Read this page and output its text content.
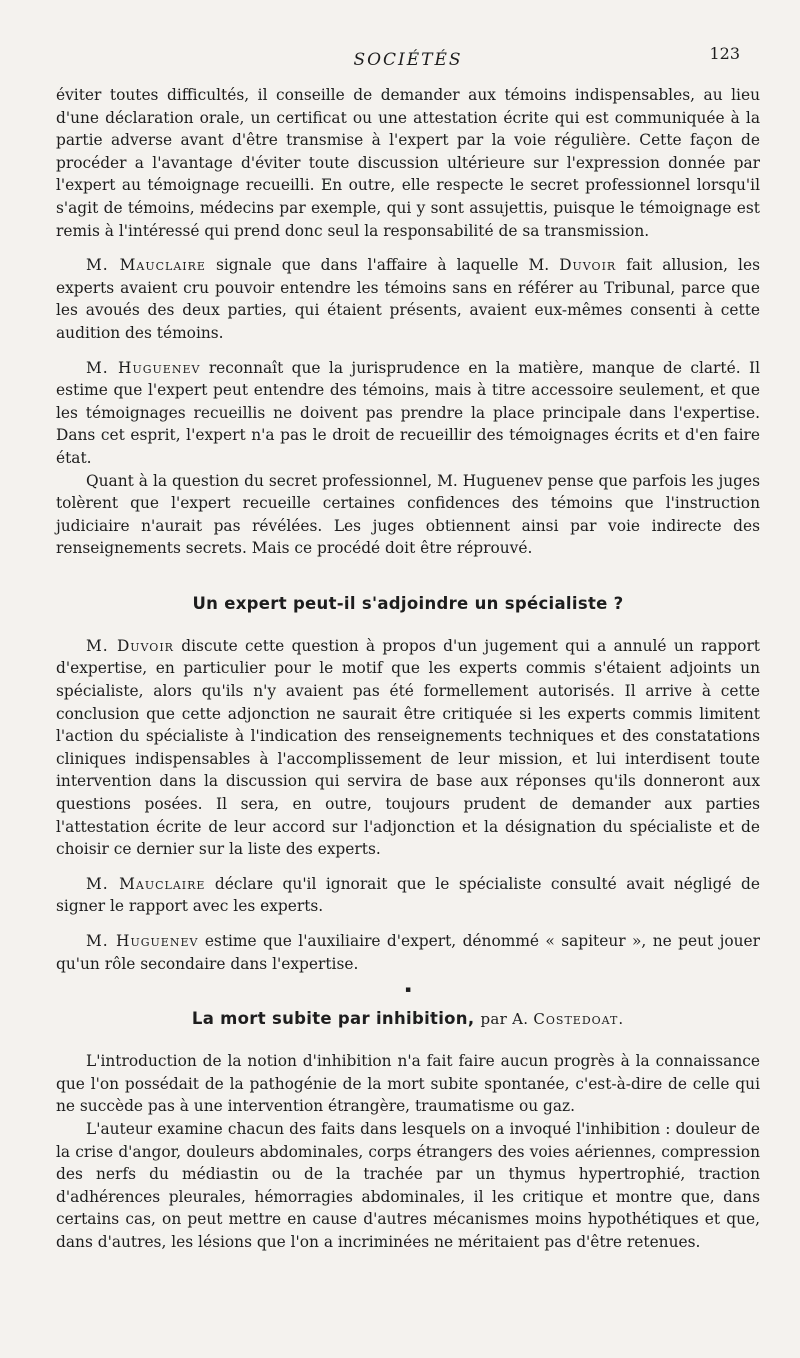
SOCIÉTÉS	123

éviter toutes difficultés, il conseille de demander aux témoins indispensables, au lieu d'une déclaration orale, un certificat ou une attestation écrite qui est communiquée à la partie adverse avant d'être transmise à l'expert par la voie régulière. Cette façon de procéder a l'avantage d'éviter toute discussion ultérieure sur l'expression donnée par l'expert au témoignage recueilli. En outre, elle respecte le secret professionnel lorsqu'il s'agit de témoins, médecins par exemple, qui y sont assujettis, puisque le témoignage est remis à l'intéressé qui prend donc seul la responsabilité de sa transmission.

M. Mauclaire signale que dans l'affaire à laquelle M. Duvoir fait allusion, les experts avaient cru pouvoir entendre les témoins sans en référer au Tribunal, parce que les avoués des deux parties, qui étaient présents, avaient eux-mêmes consenti à cette audition des témoins.

M. Huguenev reconnaît que la jurisprudence en la matière, manque de clarté. Il estime que l'expert peut entendre des témoins, mais à titre accessoire seulement, et que les témoignages recueillis ne doivent pas prendre la place principale dans l'expertise. Dans cet esprit, l'expert n'a pas le droit de recueillir des témoignages écrits et d'en faire état.

Quant à la question du secret professionnel, M. Huguenev pense que parfois les juges tolèrent que l'expert recueille certaines confidences des témoins que l'instruction judiciaire n'aurait pas révélées. Les juges obtiennent ainsi par voie indirecte des renseignements secrets. Mais ce procédé doit être réprouvé.

Un expert peut-il s'adjoindre un spécialiste ?

M. Duvoir discute cette question à propos d'un jugement qui a annulé un rapport d'expertise, en particulier pour le motif que les experts commis s'étaient adjoints un spécialiste, alors qu'ils n'y avaient pas été formellement autorisés. Il arrive à cette conclusion que cette adjonction ne saurait être critiquée si les experts commis limitent l'action du spécialiste à l'indication des renseignements techniques et des constatations cliniques indispensables à l'accomplissement de leur mission, et lui interdisent toute intervention dans la discussion qui servira de base aux réponses qu'ils donneront aux questions posées. Il sera, en outre, toujours prudent de demander aux parties l'attestation écrite de leur accord sur l'adjonction et la désignation du spécialiste et de choisir ce dernier sur la liste des experts.

M. Mauclaire déclare qu'il ignorait que le spécialiste consulté avait négligé de signer le rapport avec les experts.

M. Huguenev estime que l'auxiliaire d'expert, dénommé « sapiteur », ne peut jouer qu'un rôle secondaire dans l'expertise.

▪
La mort subite par inhibition, par A. Costedoat.

L'introduction de la notion d'inhibition n'a fait faire aucun progrès à la connaissance que l'on possédait de la pathogénie de la mort subite spontanée, c'est-à-dire de celle qui ne succède pas à une intervention étrangère, traumatisme ou gaz.

L'auteur examine chacun des faits dans lesquels on a invoqué l'inhibition : douleur de la crise d'angor, douleurs abdominales, corps étrangers des voies aériennes, compression des nerfs du médiastin ou de la trachée par un thymus hypertrophié, traction d'adhérences pleurales, hémorragies abdominales, il les critique et montre que, dans certains cas, on peut mettre en cause d'autres mécanismes moins hypothétiques et que, dans d'autres, les lésions que l'on a incriminées ne méritaient pas d'être retenues.
